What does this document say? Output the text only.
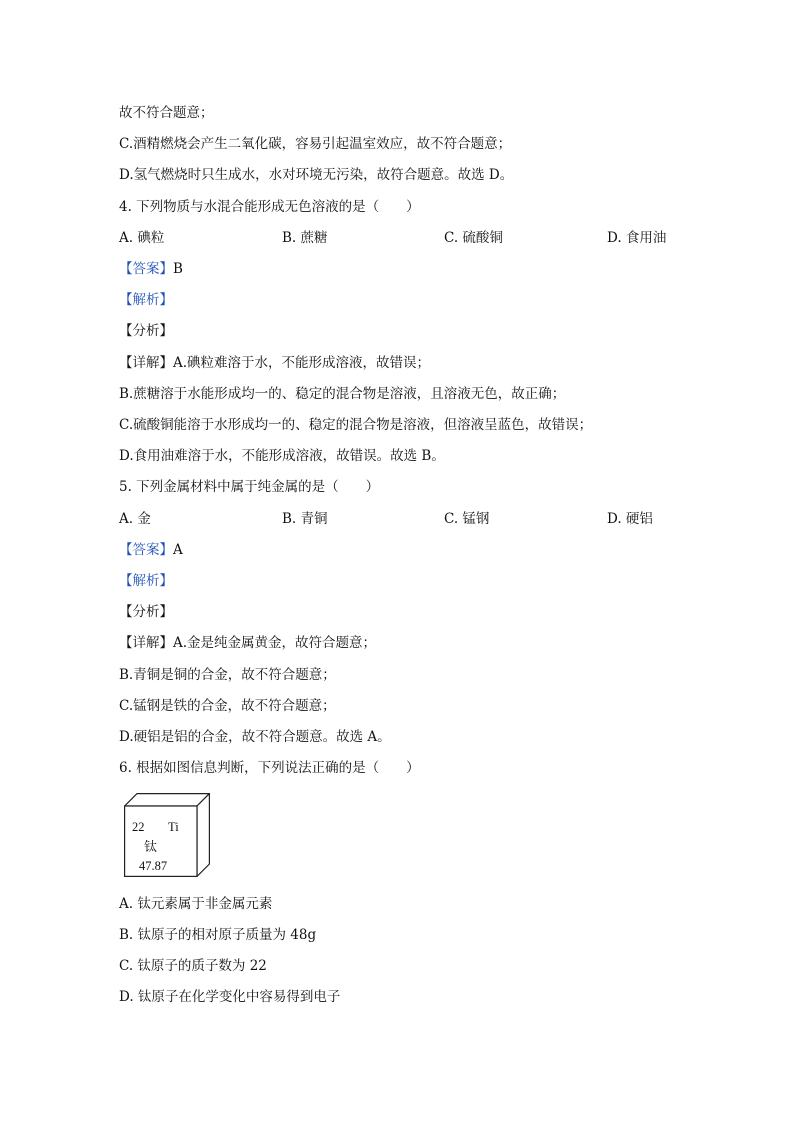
故不符合题意；
C.酒精燃烧会产生二氧化碳，容易引起温室效应，故不符合题意；
D.氢气燃烧时只生成水，水对环境无污染，故符合题意。故选 D。
4. 下列物质与水混合能形成无色溶液的是（　　）
A. 碘粒	B. 蔗糖	C. 硫酸铜	D. 食用油
【答案】B
【解析】
【分析】
【详解】A.碘粒难溶于水，不能形成溶液，故错误；
B.蔗糖溶于水能形成均一的、稳定的混合物是溶液，且溶液无色，故正确；
C.硫酸铜能溶于水形成均一的、稳定的混合物是溶液，但溶液呈蓝色，故错误；
D.食用油难溶于水，不能形成溶液，故错误。故选 B。
5. 下列金属材料中属于纯金属的是（　　）
A. 金	B. 青铜	C. 锰钢	D. 硬铝
【答案】A
【解析】
【分析】
【详解】A.金是纯金属黄金，故符合题意；
B.青铜是铜的合金，故不符合题意；
C.锰钢是铁的合金，故不符合题意；
D.硬铝是铝的合金，故不符合题意。故选 A。
6. 根据如图信息判断，下列说法正确的是（　　）
22 Ti
钛
47.87
A. 钛元素属于非金属元素
B. 钛原子的相对原子质量为 48g
C. 钛原子的质子数为 22
D. 钛原子在化学变化中容易得到电子
